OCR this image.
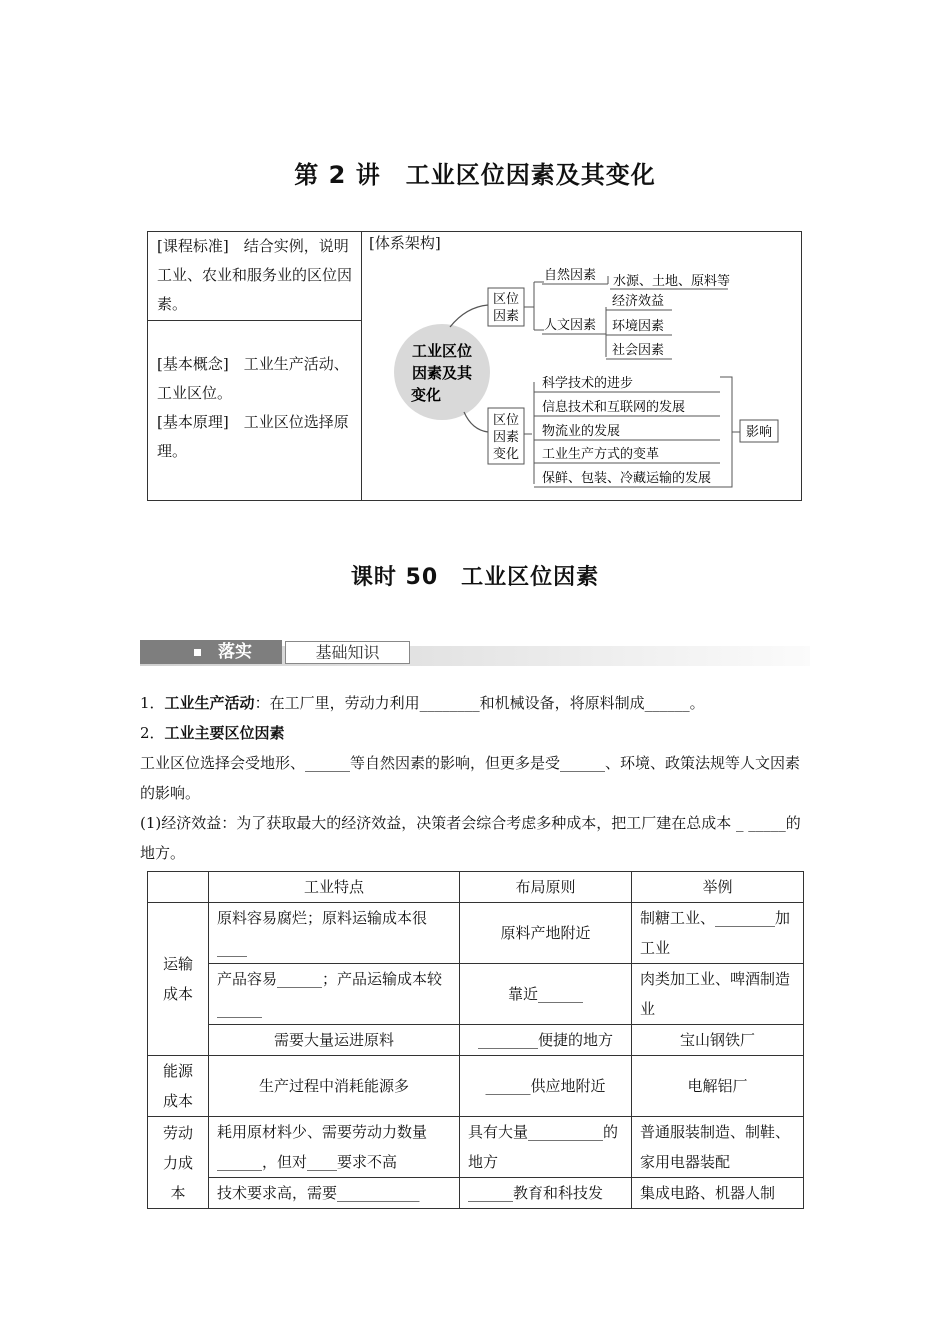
第 2 讲　工业区位因素及其变化
[课程标准]　结合实例，说明工业、农业和服务业的区位因素。
[基本概念]　工业生产活动、工业区位。
[基本原理]　工业区位选择原理。
[体系架构]
工业区位
因素及其
变化
区位
因素
自然因素 水源、土地、原料等
人文因素
经济效益
环境因素
社会因素
区位
因素
变化
科学技术的进步
信息技术和互联网的发展
物流业的发展
工业生产方式的变革
保鲜、包装、冷藏运输的发展
影响
课时 50　工业区位因素
落实	基础知识
1．工业生产活动：在工厂里，劳动力利用________和机械设备，将原料制成______。
2．工业主要区位因素
工业区位选择会受地形、______等自然因素的影响，但更多是受______、环境、政策法规等人文因素的影响。
(1)经济效益：为了获取最大的经济效益，决策者会综合考虑多种成本，把工厂建在总成本 _ _____的地方。
	工业特点	布局原则	举例
运输成本	原料容易腐烂；原料运输成本很____	原料产地附近	制糖工业、________加工业
	产品容易______；产品运输成本较______	靠近______	肉类加工业、啤酒制造业
	需要大量运进原料	________便捷的地方	宝山钢铁厂
能源成本	生产过程中消耗能源多	______供应地附近	电解铝厂
劳动力成本	耗用原材料少、需要劳动力数量______，但对____要求不高	具有大量__________的地方	普通服装制造、制鞋、家用电器装配
	技术要求高，需要___________	______教育和科技发	集成电路、机器人制
